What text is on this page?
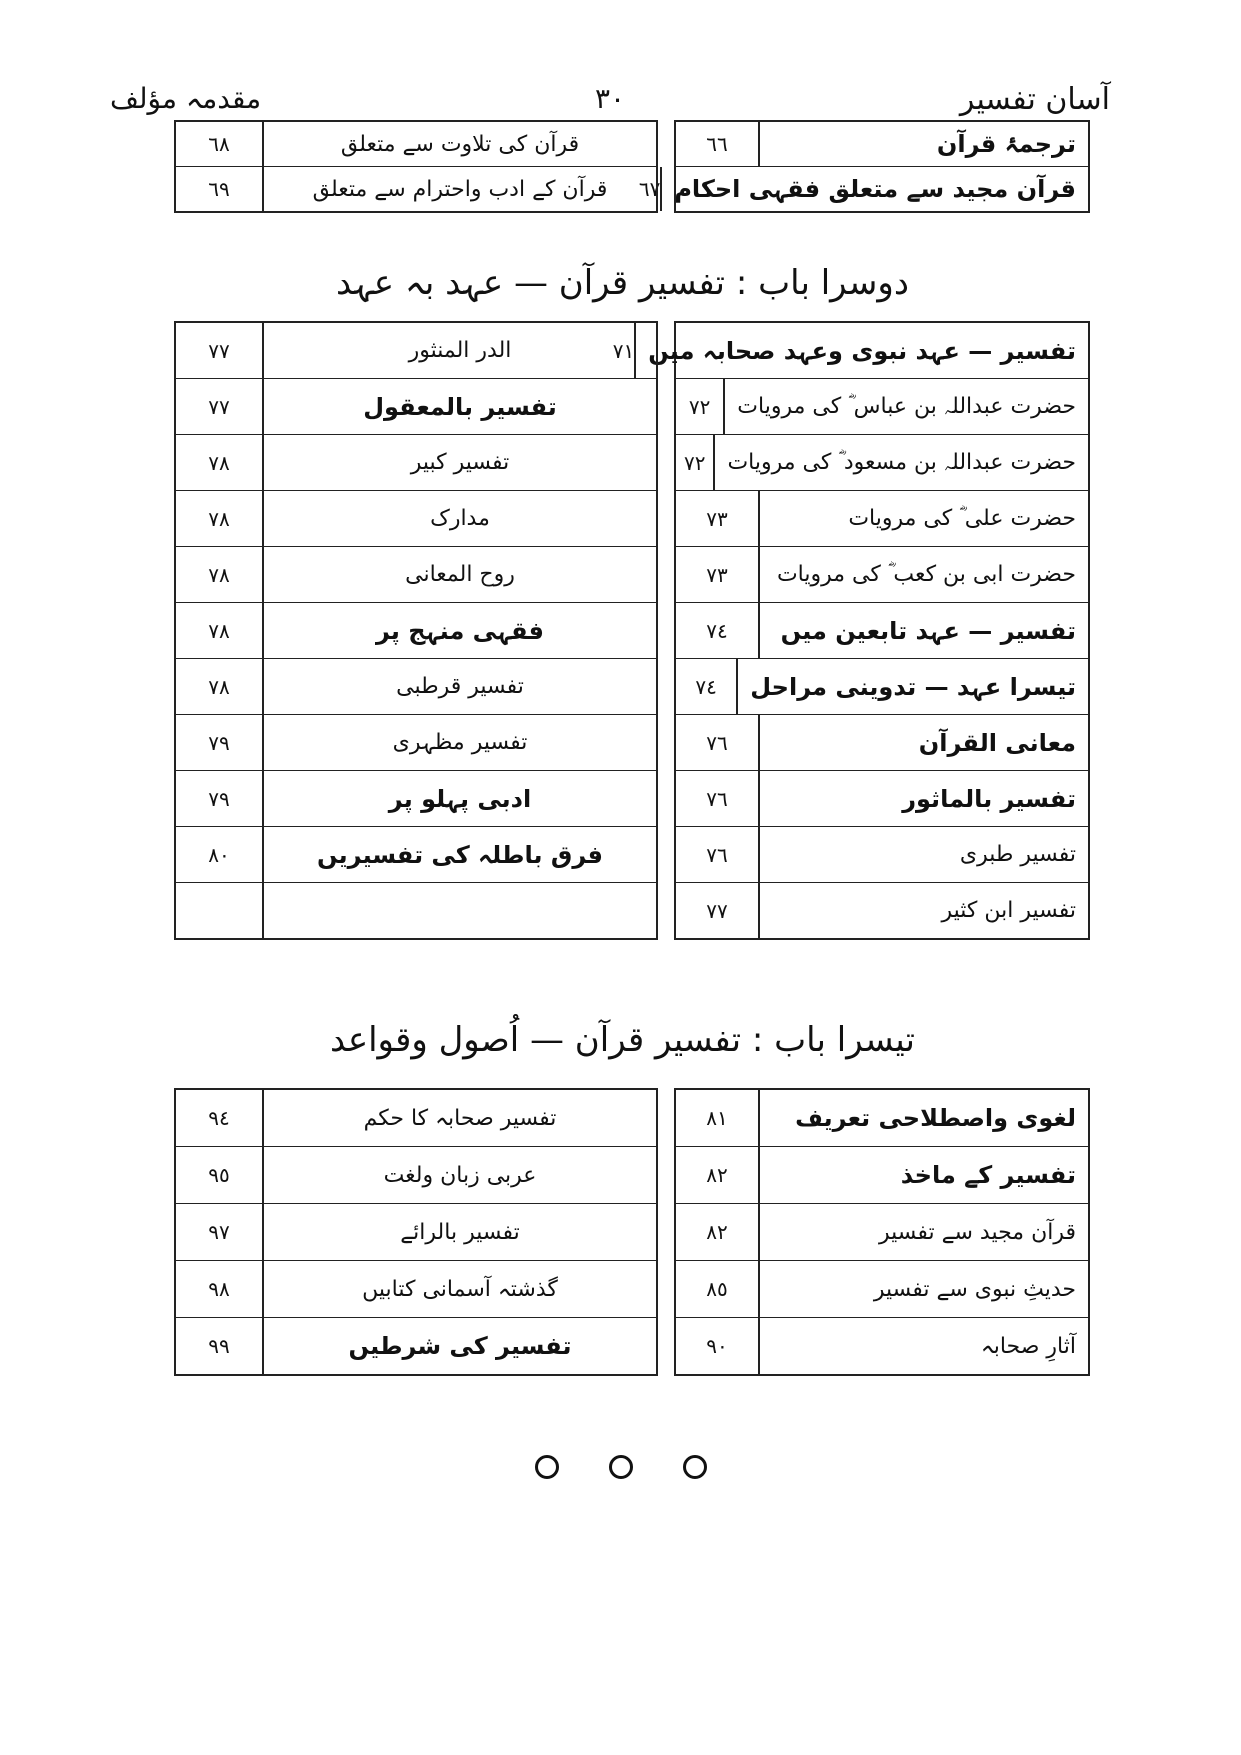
آسان تفسیر
۳۰
مقدمہ مؤلف
ترجمۂ قرآن
٦٦
قرآن مجید سے متعلق فقہی احکام
٦٧
قرآن کی تلاوت سے متعلق
٦٨
قرآن کے ادب واحترام سے متعلق
٦٩
دوسرا باب : تفسیر قرآن — عہد بہ عہد
تفسیر — عہد نبوی وعہد صحابہ میں
٧١
حضرت عبداللہ بن عباس ؓ کی مرویات
٧٢
حضرت عبداللہ بن مسعود ؓ کی مرویات
٧٢
حضرت علی ؓ کی مرویات
٧٣
حضرت ابی بن کعب ؓ کی مرویات
٧٣
تفسیر — عہد تابعین میں
٧٤
تیسرا عہد — تدوینی مراحل
٧٤
معانی القرآن
٧٦
تفسیر بالماثور
٧٦
تفسیر طبری
٧٦
تفسیر ابن کثیر
٧٧
الدر المنثور
٧٧
تفسیر بالمعقول
٧٧
تفسیر کبیر
٧٨
مدارک
٧٨
روح المعانی
٧٨
فقہی منہج پر
٧٨
تفسیر قرطبی
٧٨
تفسیر مظہری
٧٩
ادبی پہلو پر
٧٩
فرق باطلہ کی تفسیریں
٨٠
تیسرا باب : تفسیر قرآن — اُصول وقواعد
لغوی واصطلاحی تعریف
٨١
تفسیر کے ماخذ
٨٢
قرآن مجید سے تفسیر
٨٢
حدیثِ نبوی سے تفسیر
٨٥
آثارِ صحابہ
٩٠
تفسیر صحابہ کا حکم
٩٤
عربی زبان ولغت
٩٥
تفسیر بالرائے
٩٧
گذشتہ آسمانی کتابیں
٩٨
تفسیر کی شرطیں
٩٩
